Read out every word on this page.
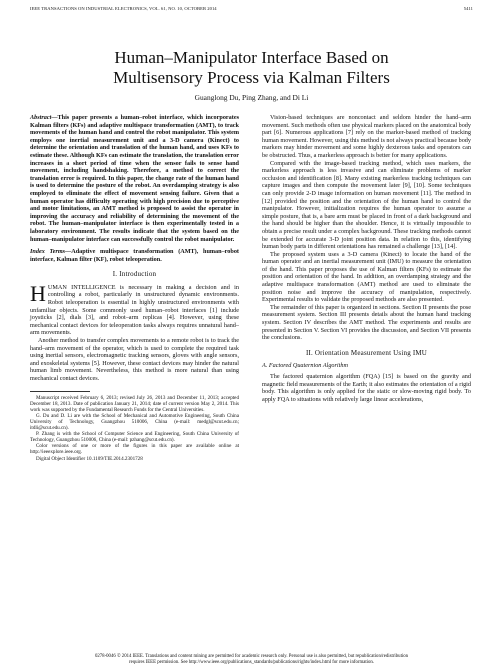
IEEE TRANSACTIONS ON INDUSTRIAL ELECTRONICS, VOL. 61, NO. 10, OCTOBER 2014	5411
Human–Manipulator Interface Based on
Multisensory Process via Kalman Filters
Guanglong Du, Ping Zhang, and Di Li
Abstract—This paper presents a human–robot interface, which incorporates Kalman filters (KFs) and adaptive multispace transformation (AMT), to track movements of the human hand and control the robot manipulator. This system employs one inertial measurement unit and a 3-D camera (Kinect) to determine the orientation and translation of the human hand, and uses KFs to estimate these. Although KFs can estimate the translation, the translation error increases in a short period of time when the sensor fails to sense hand movement, including handshaking. Therefore, a method to correct the translation error is required. In this paper, the change rate of the human hand is used to determine the posture of the robot. An overdamping strategy is also employed to eliminate the effect of movement sensing failure. Given that a human operator has difficulty operating with high precision due to perceptive and motor limitations, an AMT method is proposed to assist the operator in improving the accuracy and reliability of determining the movement of the robot. The human–manipulator interface is then experimentally tested in a laboratory environment. The results indicate that the system based on the human–manipulator interface can successfully control the robot manipulator.
Index Terms—Adaptive multispace transformation (AMT), human–robot interface, Kalman filter (KF), robot teleoperation.
I. Introduction

HUMAN INTELLIGENCE is necessary in making a decision and in controlling a robot, particularly in unstructured dynamic environments. Robot teleoperation is essential in highly unstructured environments with unfamiliar objects. Some commonly used human–robot interfaces [1] include joysticks [2], dials [3], and robot–arm replicas [4]. However, using these mechanical contact devices for teleoperation tasks always requires unnatural hand–arm movements.

Another method to transfer complex movements to a remote robot is to track the hand–arm movement of the operator, which is used to complete the required task using inertial sensors, electromagnetic tracking sensors, gloves with angle sensors, and exoskeletal systems [5]. However, these contact devices may hinder the natural human limb movement. Nevertheless, this method is more natural than using mechanical contact devices.

Manuscript received February 6, 2013; revised July 26, 2013 and December 11, 2013; accepted December 18, 2013. Date of publication January 21, 2014; date of current version May 2, 2014. This work was supported by the Fundamental Research Funds for the Central Universities.

G. Du and D. Li are with the School of Mechanical and Automotive Engineering, South China University of Technology, Guangzhou 510006, China (e-mail: medgl@scut.edu.cn; itdli@scut.edu.cn).

P. Zhang is with the School of Computer Science and Engineering, South China University of Technology, Guangzhou 510006, China (e-mail: pzhang@scut.edu.cn).

Color versions of one or more of the figures in this paper are available online at http://ieeexplore.ieee.org.

Digital Object Identifier 10.1109/TIE.2014.2301728

Vision-based techniques are noncontact and seldom hinder the hand–arm movement. Such methods often use physical markers placed on the anatomical body part [6]. Numerous applications [7] rely on the marker-based method of tracking human movement. However, using this method is not always practical because body markers may hinder movement and some highly dexterous tasks and operators can be obstructed. Thus, a markerless approach is better for many applications.

Compared with the image-based tracking method, which uses markers, the markerless approach is less invasive and can eliminate problems of marker occlusion and identification [8]. Many existing markerless tracking techniques can capture images and then compute the movement later [9], [10]. Some techniques can only provide 2-D image information on human movement [11]. The method in [12] provided the position and the orientation of the human hand to control the manipulator. However, initialization requires the human operator to assume a simple posture, that is, a bare arm must be placed in front of a dark background and the hand should be higher than the shoulder. Hence, it is virtually impossible to obtain a precise result under a complex background. These tracking methods cannot be extended for accurate 3-D joint position data. In relation to this, identifying human body parts in different orientations has remained a challenge [13], [14].

The proposed system uses a 3-D camera (Kinect) to locate the hand of the human operator and an inertial measurement unit (IMU) to measure the orientation of the hand. This paper proposes the use of Kalman filters (KFs) to estimate the position and orientation of the hand. In addition, an overdamping strategy and the adaptive multispace transformation (AMT) method are used to eliminate the position noise and improve the accuracy of manipulation, respectively. Experimental results to validate the proposed methods are also presented.

The remainder of this paper is organized in sections. Section II presents the pose measurement system. Section III presents details about the human hand tracking system. Section IV describes the AMT method. The experiments and results are presented in Section V. Section VI provides the discussion, and Section VII presents the conclusions.

II. Orientation Measurement Using IMU
A. Factored Quaternion Algorithm

The factored quaternion algorithm (FQA) [15] is based on the gravity and magnetic field measurements of the Earth; it also estimates the orientation of a rigid body. This algorithm is only applied for the static or slow-moving rigid body. To apply FQA to situations with relatively large linear accelerations,

0278-0046 © 2014 IEEE. Translations and content mining are permitted for academic research only. Personal use is also permitted, but republication/redistribution
requires IEEE permission. See http://www.ieee.org/publications_standards/publications/rights/index.html for more information.
